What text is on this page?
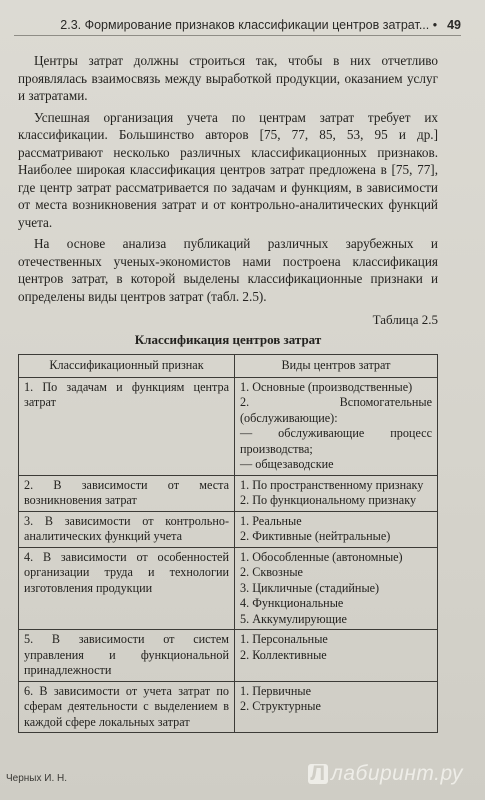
2.3. Формирование признаков классификации центров затрат... • 49

Центры затрат должны строиться так, чтобы в них отчетливо проявлялась взаимосвязь между выработкой продукции, оказанием услуг и затратами.

Успешная организация учета по центрам затрат требует их классификации. Большинство авторов [75, 77, 85, 53, 95 и др.] рассматривают несколько различных классификационных признаков. Наиболее широкая классификация центров затрат предложена в [75, 77], где центр затрат рассматривается по задачам и функциям, в зависимости от места возникновения затрат и от контрольно-аналитических функций учета.

На основе анализа публикаций различных зарубежных и отечественных ученых-экономистов нами построена классификация центров затрат, в которой выделены классификационные признаки и определены виды центров затрат (табл. 2.5).

Таблица 2.5
Классификация центров затрат
Классификационный признак	Виды центров затрат
1. По задачам и функциям центра затрат	1. Основные (производственные)
2. Вспомогательные (обслуживающие):
— обслуживающие процесс производства;
— общезаводские

2. В зависимости от места возникновения затрат	1. По пространственному признаку
2. По функциональному признаку

3. В зависимости от контрольно-аналитических функций учета	1. Реальные
2. Фиктивные (нейтральные)

4. В зависимости от особенностей организации труда и технологии изготовления продукции	1. Обособленные (автономные)
2. Сквозные
3. Цикличные (стадийные)
4. Функциональные
5. Аккумулирующие

5. В зависимости от систем управления и функциональной принадлежности	1. Персональные
2. Коллективные

6. В зависимости от учета затрат по сферам деятельности с выделением в каждой сфере локальных затрат	1. Первичные
2. Структурные
Черных И. Н.	Л лабиринт.ру
